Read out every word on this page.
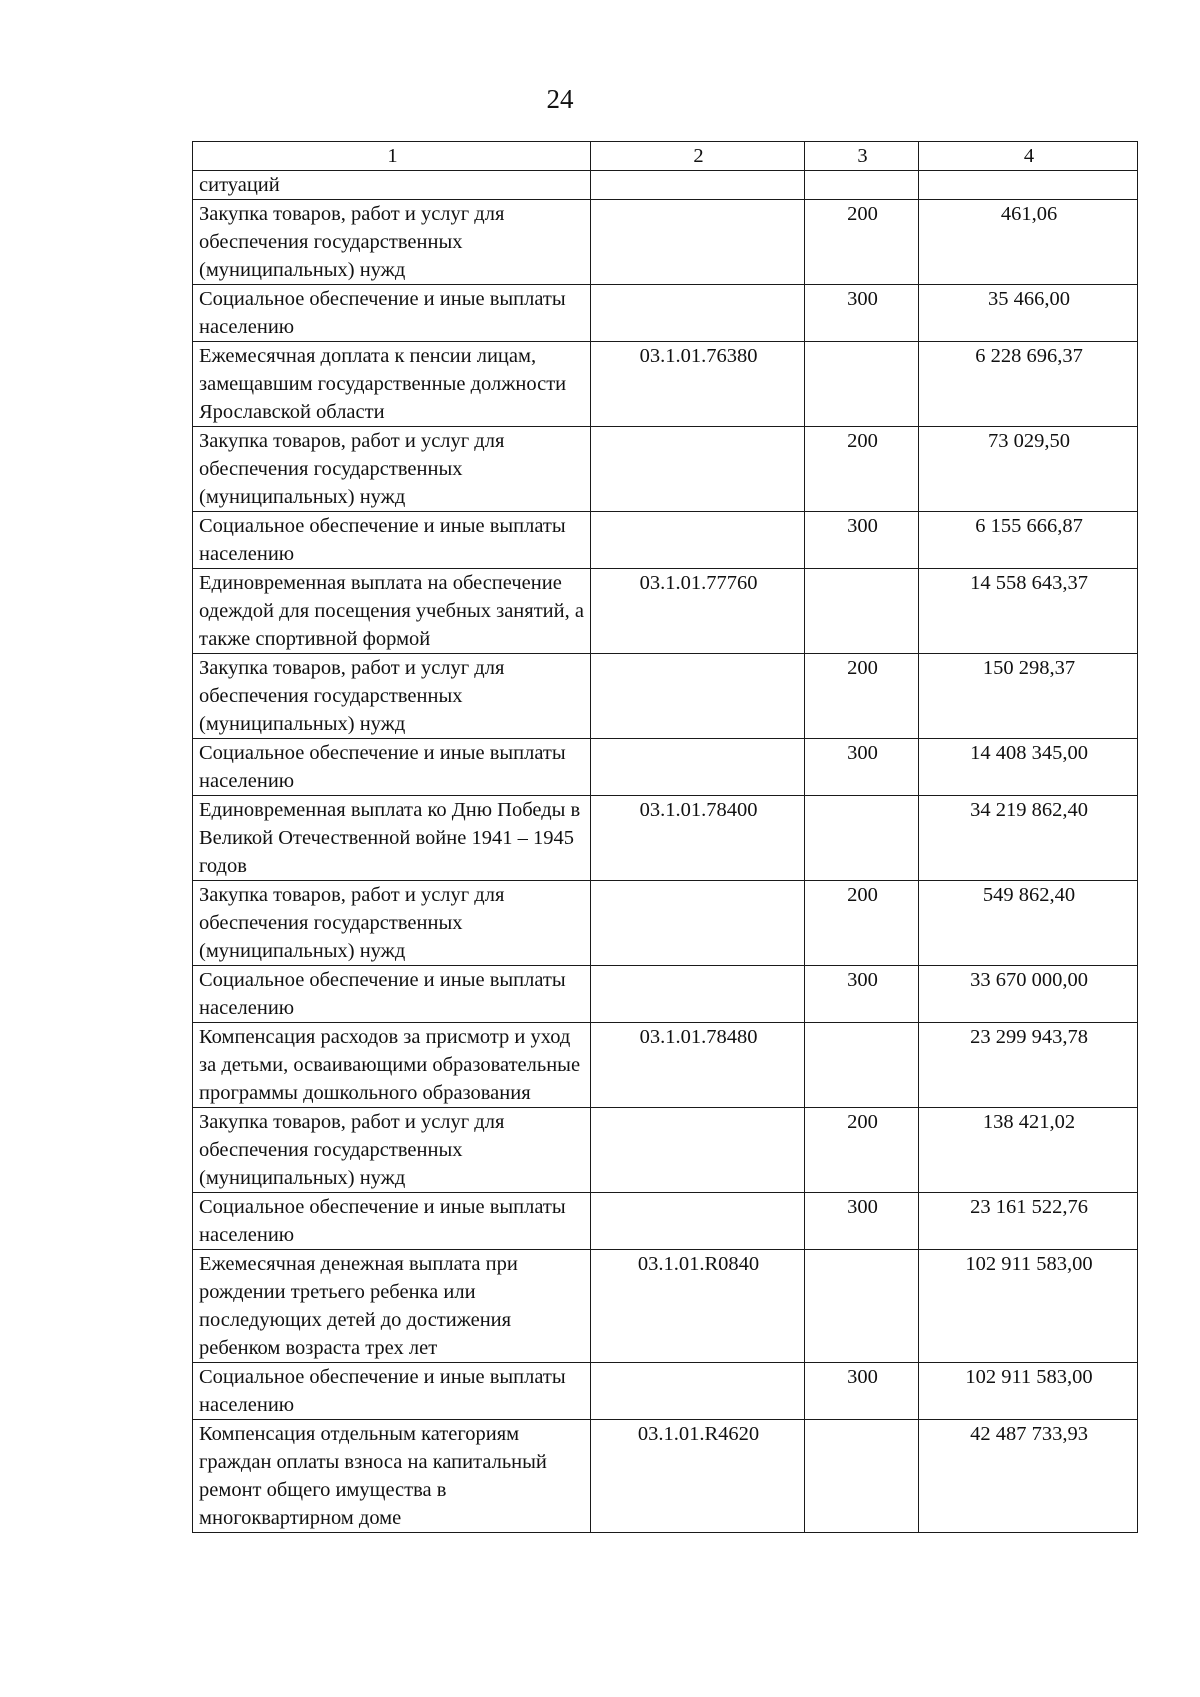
24
1	2	3	4
ситуаций			
Закупка товаров, работ и услуг для обеспечения государственных (муниципальных) нужд		200	461,06
Социальное обеспечение и иные выплаты населению		300	35 466,00
Ежемесячная доплата к пенсии лицам, замещавшим государственные должности Ярославской области	03.1.01.76380		6 228 696,37
Закупка товаров, работ и услуг для обеспечения государственных (муниципальных) нужд		200	73 029,50
Социальное обеспечение и иные выплаты населению		300	6 155 666,87
Единовременная выплата на обеспечение одеждой для посещения учебных занятий, а также спортивной формой	03.1.01.77760		14 558 643,37
Закупка товаров, работ и услуг для обеспечения государственных (муниципальных) нужд		200	150 298,37
Социальное обеспечение и иные выплаты населению		300	14 408 345,00
Единовременная выплата ко Дню Победы в Великой Отечественной войне 1941 – 1945 годов	03.1.01.78400		34 219 862,40
Закупка товаров, работ и услуг для обеспечения государственных (муниципальных) нужд		200	549 862,40
Социальное обеспечение и иные выплаты населению		300	33 670 000,00
Компенсация расходов за присмотр и уход за детьми, осваивающими образовательные программы дошкольного образования	03.1.01.78480		23 299 943,78
Закупка товаров, работ и услуг для обеспечения государственных (муниципальных) нужд		200	138 421,02
Социальное обеспечение и иные выплаты населению		300	23 161 522,76
Ежемесячная денежная выплата при рождении третьего ребенка или последующих детей до достижения ребенком возраста трех лет	03.1.01.R0840		102 911 583,00
Социальное обеспечение и иные выплаты населению		300	102 911 583,00
Компенсация отдельным категориям граждан оплаты взноса на капитальный ремонт общего имущества в многоквартирном доме	03.1.01.R4620		42 487 733,93
